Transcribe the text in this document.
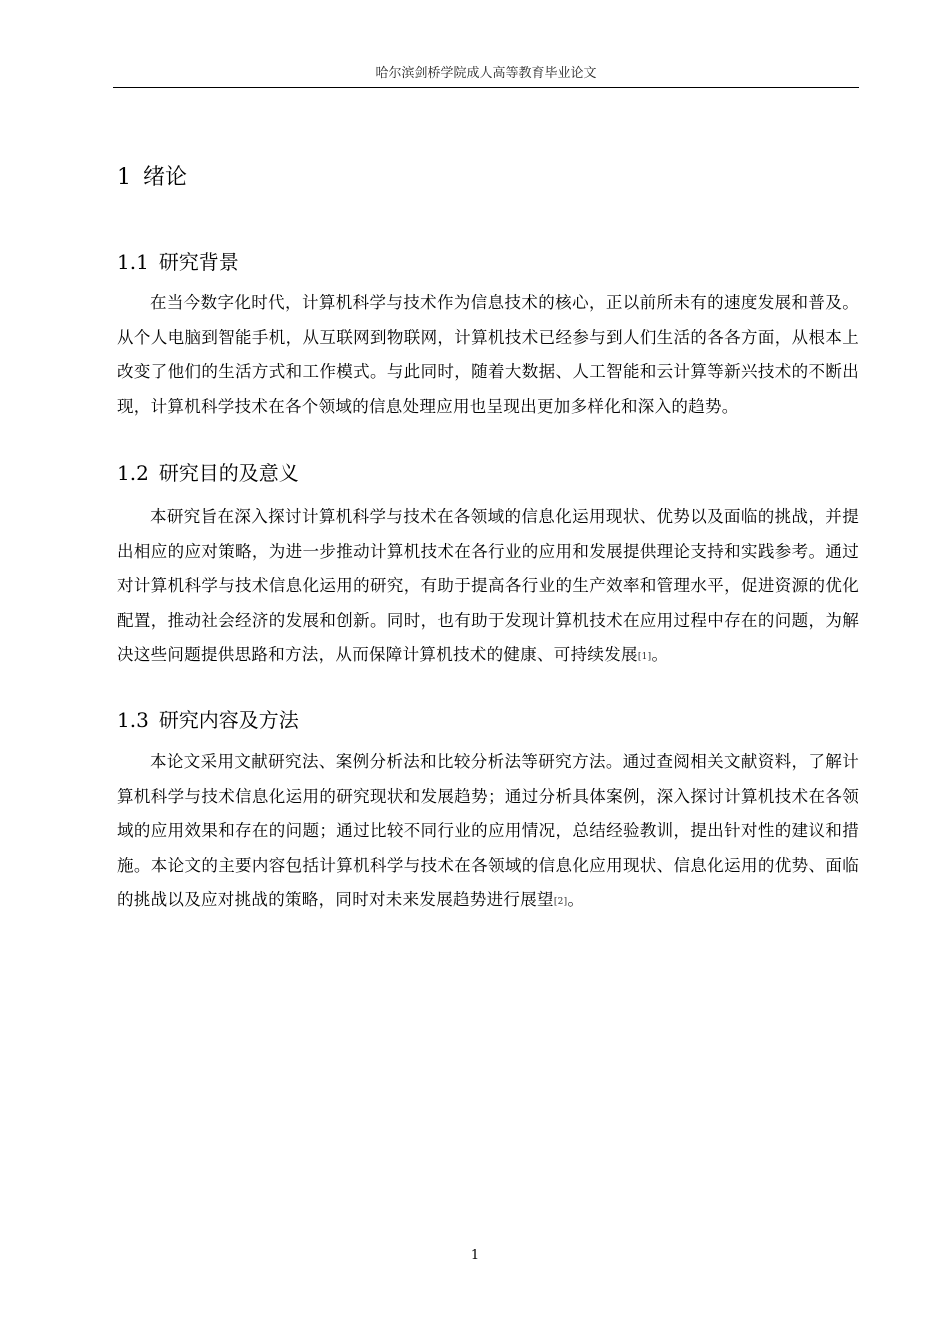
哈尔滨剑桥学院成人高等教育毕业论文
1 绪论
1.1 研究背景

在当今数字化时代，计算机科学与技术作为信息技术的核心，正以前所未有的速度发展和普及。从个人电脑到智能手机，从互联网到物联网，计算机技术已经参与到人们生活的各各方面，从根本上改变了他们的生活方式和工作模式。与此同时，随着大数据、人工智能和云计算等新兴技术的不断出现，计算机科学技术在各个领域的信息处理应用也呈现出更加多样化和深入的趋势。

1.2 研究目的及意义

本研究旨在深入探讨计算机科学与技术在各领域的信息化运用现状、优势以及面临的挑战，并提出相应的应对策略，为进一步推动计算机技术在各行业的应用和发展提供理论支持和实践参考。通过对计算机科学与技术信息化运用的研究，有助于提高各行业的生产效率和管理水平，促进资源的优化配置，推动社会经济的发展和创新。同时，也有助于发现计算机技术在应用过程中存在的问题，为解决这些问题提供思路和方法，从而保障计算机技术的健康、可持续发展[1]。

1.3 研究内容及方法

本论文采用文献研究法、案例分析法和比较分析法等研究方法。通过查阅相关文献资料，了解计算机科学与技术信息化运用的研究现状和发展趋势；通过分析具体案例，深入探讨计算机技术在各领域的应用效果和存在的问题；通过比较不同行业的应用情况，总结经验教训，提出针对性的建议和措施。本论文的主要内容包括计算机科学与技术在各领域的信息化应用现状、信息化运用的优势、面临的挑战以及应对挑战的策略，同时对未来发展趋势进行展望[2]。

1
